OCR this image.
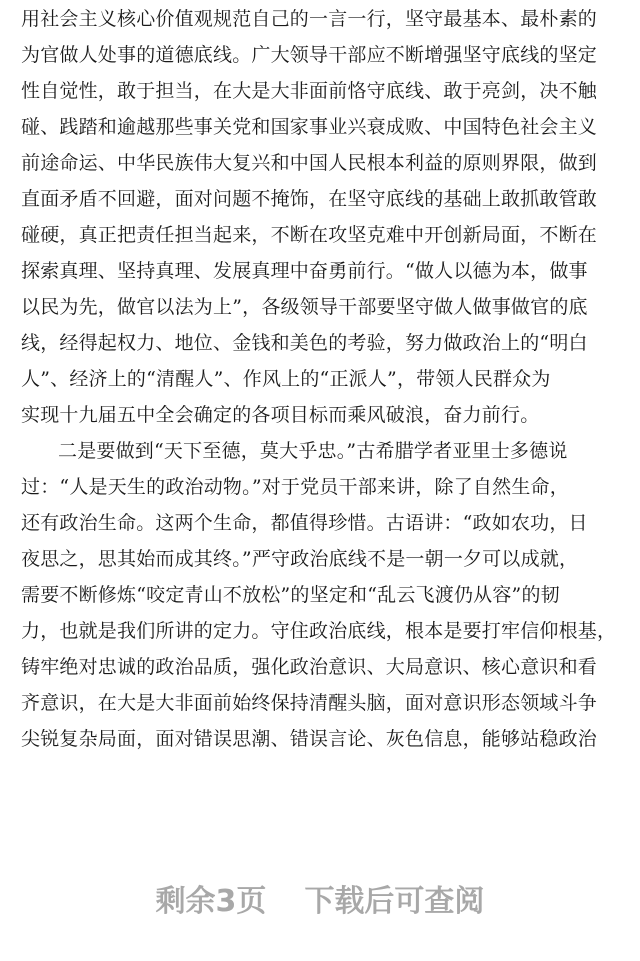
用社会主义核心价值观规范自己的一言一行，坚守最基本、最朴素的
为官做人处事的道德底线。广大领导干部应不断增强坚守底线的坚定
性自觉性，敢于担当，在大是大非面前恪守底线、敢于亮剑，决不触
碰、践踏和逾越那些事关党和国家事业兴衰成败、中国特色社会主义
前途命运、中华民族伟大复兴和中国人民根本利益的原则界限，做到
直面矛盾不回避，面对问题不掩饰，在坚守底线的基础上敢抓敢管敢
碰硬，真正把责任担当起来，不断在攻坚克难中开创新局面，不断在
探索真理、坚持真理、发展真理中奋勇前行。“做人以德为本，做事
以民为先，做官以法为上”，各级领导干部要坚守做人做事做官的底
线，经得起权力、地位、金钱和美色的考验，努力做政治上的“明白
人”、经济上的“清醒人”、作风上的“正派人”，带领人民群众为
实现十九届五中全会确定的各项目标而乘风破浪，奋力前行。
二是要做到“天下至德，莫大乎忠。”古希腊学者亚里士多德说
过：“人是天生的政治动物。”对于党员干部来讲，除了自然生命，
还有政治生命。这两个生命，都值得珍惜。古语讲：“政如农功，日
夜思之，思其始而成其终。”严守政治底线不是一朝一夕可以成就，
需要不断修炼“咬定青山不放松”的坚定和“乱云飞渡仍从容”的韧
力，也就是我们所讲的定力。守住政治底线，根本是要打牢信仰根基，
铸牢绝对忠诚的政治品质，强化政治意识、大局意识、核心意识和看
齐意识，在大是大非面前始终保持清醒头脑，面对意识形态领域斗争
尖锐复杂局面，面对错误思潮、错误言论、灰色信息，能够站稳政治
剩余3页 下载后可查阅
